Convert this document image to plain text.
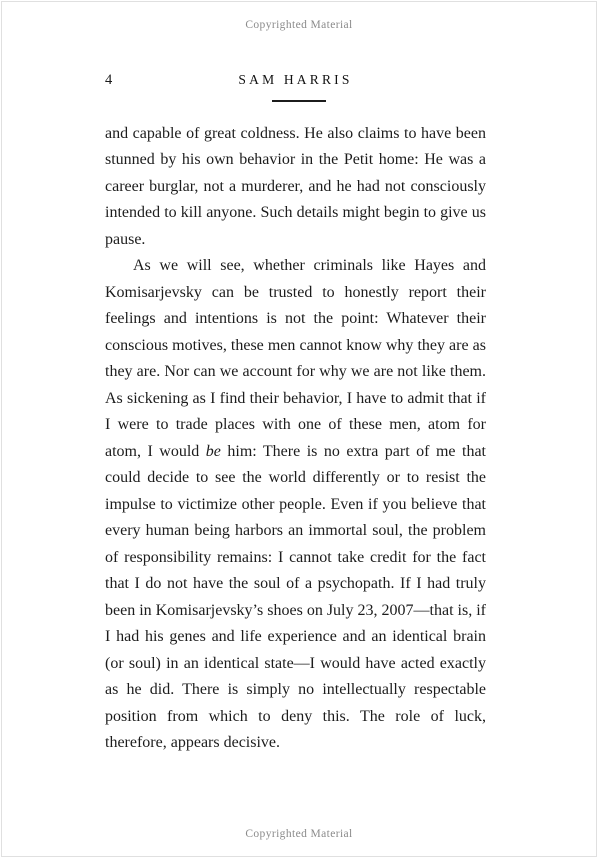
Copyrighted Material
4	SAM HARRIS

and capable of great coldness. He also claims to have been stunned by his own behavior in the Petit home: He was a career burglar, not a murderer, and he had not consciously intended to kill anyone. Such details might begin to give us pause.

As we will see, whether criminals like Hayes and Komisarjevsky can be trusted to honestly report their feelings and intentions is not the point: Whatever their conscious motives, these men cannot know why they are as they are. Nor can we account for why we are not like them. As sickening as I find their behavior, I have to admit that if I were to trade places with one of these men, atom for atom, I would be him: There is no extra part of me that could decide to see the world differently or to resist the impulse to victimize other people. Even if you believe that every human being harbors an immortal soul, the problem of responsibility remains: I cannot take credit for the fact that I do not have the soul of a psychopath. If I had truly been in Komisarjevsky’s shoes on July 23, 2007—that is, if I had his genes and life experience and an identical brain (or soul) in an identical state—I would have acted exactly as he did. There is simply no intellectually respectable position from which to deny this. The role of luck, therefore, appears decisive.

Copyrighted Material
